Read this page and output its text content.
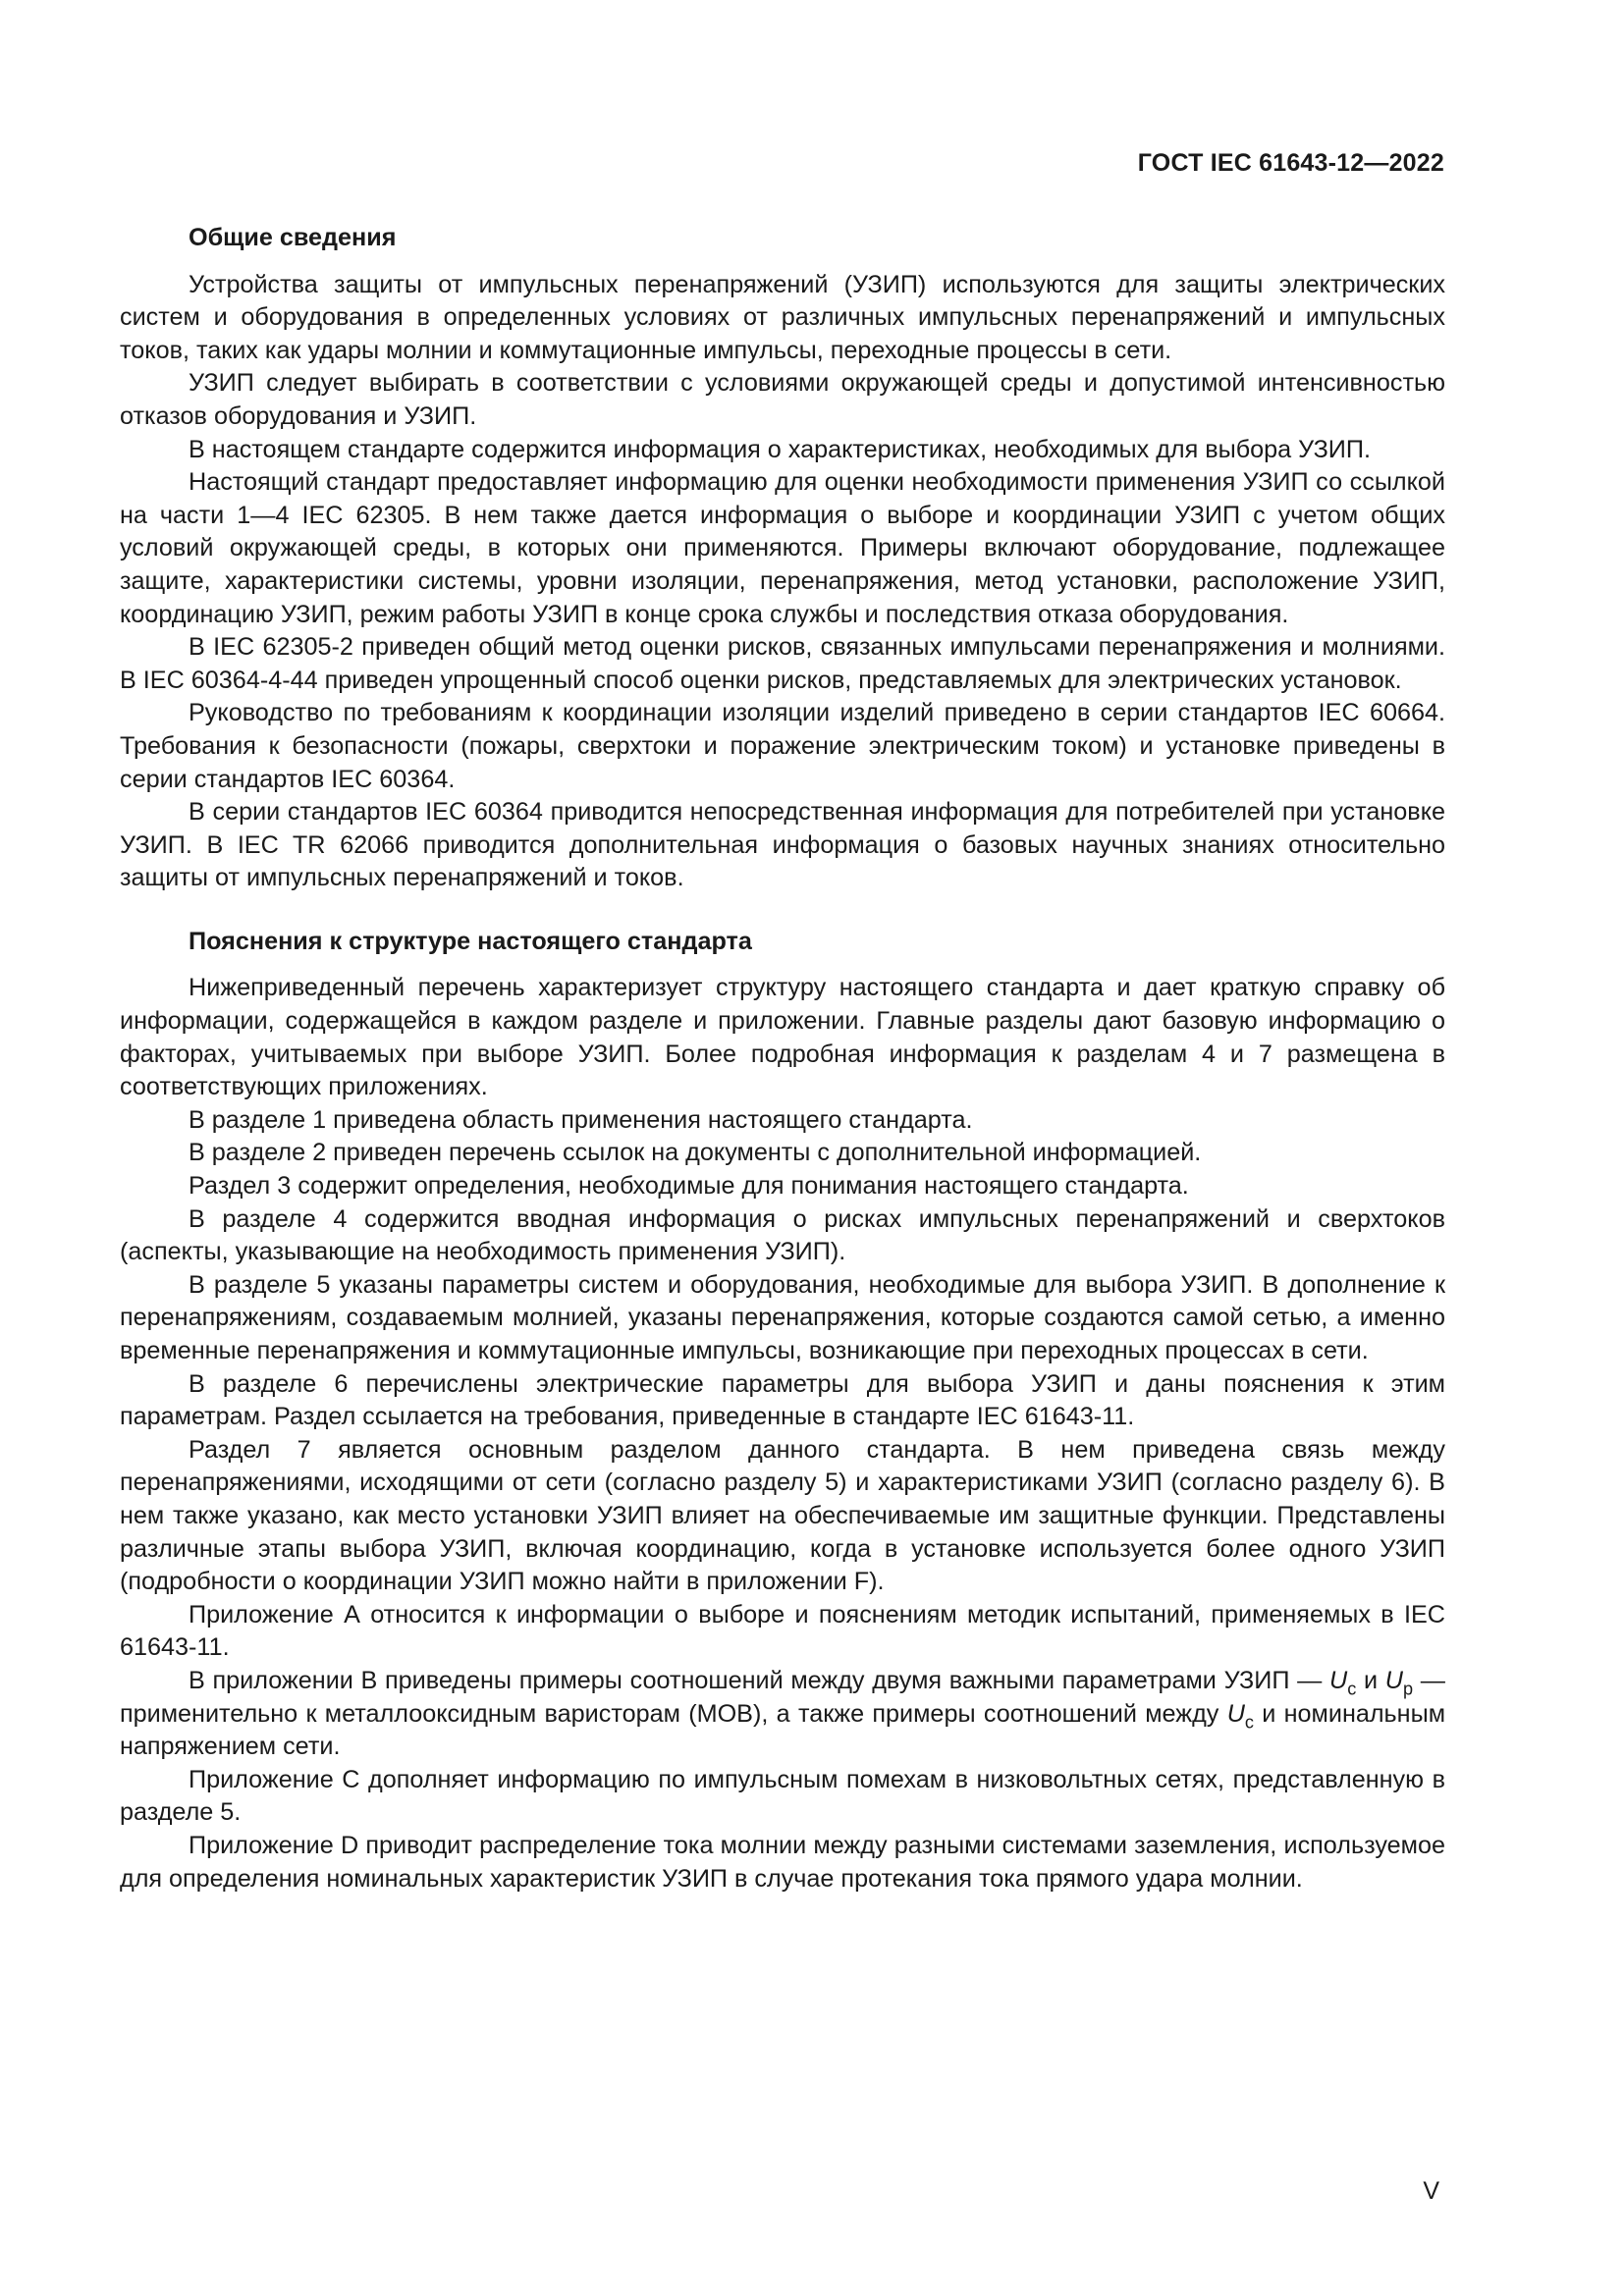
ГОСТ IEC 61643-12—2022
Общие сведения

Устройства защиты от импульсных перенапряжений (УЗИП) используются для защиты электрических систем и оборудования в определенных условиях от различных импульсных перенапряжений и импульсных токов, таких как удары молнии и коммутационные импульсы, переходные процессы в сети.

УЗИП следует выбирать в соответствии с условиями окружающей среды и допустимой интенсивностью отказов оборудования и УЗИП.

В настоящем стандарте содержится информация о характеристиках, необходимых для выбора УЗИП.

Настоящий стандарт предоставляет информацию для оценки необходимости применения УЗИП со ссылкой на части 1—4 IEC 62305. В нем также дается информация о выборе и координации УЗИП с учетом общих условий окружающей среды, в которых они применяются. Примеры включают оборудование, подлежащее защите, характеристики системы, уровни изоляции, перенапряжения, метод установки, расположение УЗИП, координацию УЗИП, режим работы УЗИП в конце срока службы и последствия отказа оборудования.

В IEC 62305-2 приведен общий метод оценки рисков, связанных импульсами перенапряжения и молниями. В IEC 60364-4-44 приведен упрощенный способ оценки рисков, представляемых для электрических установок.

Руководство по требованиям к координации изоляции изделий приведено в серии стандартов IEC 60664. Требования к безопасности (пожары, сверхтоки и поражение электрическим током) и установке приведены в серии стандартов IEC 60364.

В серии стандартов IEC 60364 приводится непосредственная информация для потребителей при установке УЗИП. В IEC TR 62066 приводится дополнительная информация о базовых научных знаниях относительно защиты от импульсных перенапряжений и токов.

Пояснения к структуре настоящего стандарта

Нижеприведенный перечень характеризует структуру настоящего стандарта и дает краткую справку об информации, содержащейся в каждом разделе и приложении. Главные разделы дают базовую информацию о факторах, учитываемых при выборе УЗИП. Более подробная информация к разделам 4 и 7 размещена в соответствующих приложениях.

В разделе 1 приведена область применения настоящего стандарта.

В разделе 2 приведен перечень ссылок на документы с дополнительной информацией.

Раздел 3 содержит определения, необходимые для понимания настоящего стандарта.

В разделе 4 содержится вводная информация о рисках импульсных перенапряжений и сверхтоков (аспекты, указывающие на необходимость применения УЗИП).

В разделе 5 указаны параметры систем и оборудования, необходимые для выбора УЗИП. В дополнение к перенапряжениям, создаваемым молнией, указаны перенапряжения, которые создаются самой сетью, а именно временные перенапряжения и коммутационные импульсы, возникающие при переходных процессах в сети.

В разделе 6 перечислены электрические параметры для выбора УЗИП и даны пояснения к этим параметрам. Раздел ссылается на требования, приведенные в стандарте IEC 61643-11.

Раздел 7 является основным разделом данного стандарта. В нем приведена связь между перенапряжениями, исходящими от сети (согласно разделу 5) и характеристиками УЗИП (согласно разделу 6). В нем также указано, как место установки УЗИП влияет на обеспечиваемые им защитные функции. Представлены различные этапы выбора УЗИП, включая координацию, когда в установке используется более одного УЗИП (подробности о координации УЗИП можно найти в приложении F).

Приложение А относится к информации о выборе и пояснениям методик испытаний, применяемых в IEC 61643-11.

В приложении В приведены примеры соотношений между двумя важными параметрами УЗИП — $U_c$ и $U_p$ — применительно к металлооксидным варисторам (МОВ), а также примеры соотношений между $U_c$ и номинальным напряжением сети.

Приложение С дополняет информацию по импульсным помехам в низковольтных сетях, представленную в разделе 5.

Приложение D приводит распределение тока молнии между разными системами заземления, используемое для определения номинальных характеристик УЗИП в случае протекания тока прямого удара молнии.

V
